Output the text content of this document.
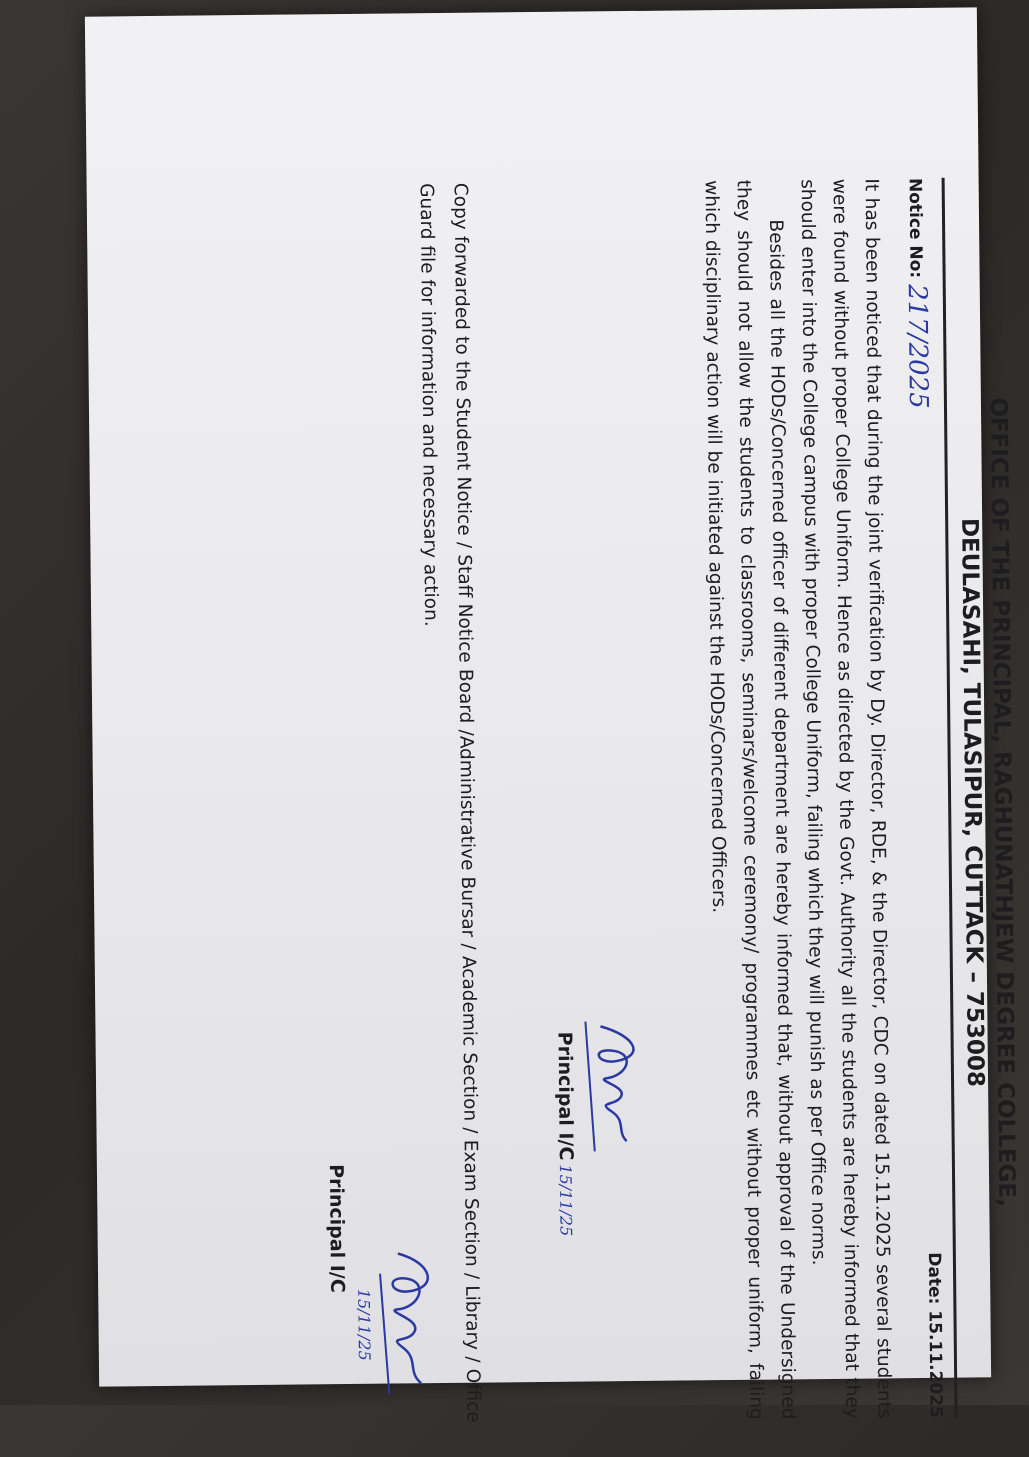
OFFICE OF THE PRINCIPAL, RAGHUNATHJEW DEGREE COLLEGE,
DEULASAHI, TULASIPUR, CUTTACK – 753008
Notice No:217/2025
Date: 15.11.2025

It has been noticed that during the joint verification by Dy. Director, RDE, & the Director, CDC on dated 15.11.2025 several students were found without proper College Uniform. Hence as directed by the Govt. Authority all the students are hereby informed that they should enter into the College campus with proper College Uniform, failing which they will punish as per Office norms.

Besides all the HODs/Concerned officer of different department are hereby informed that, without approval of the Undersigned they should not allow the students to classrooms, seminars/welcome ceremony/ programmes etc without proper uniform, failing which disciplinary action will be initiated against the HODs/Concerned Officers.

Principal I/C15/11/25
Copy forwarded to the Student Notice / Staff Notice Board /Administrative Bursar / Academic Section / Exam Section / Library / Office Guard file for information and necessary action.
15/11/25
Principal I/C
